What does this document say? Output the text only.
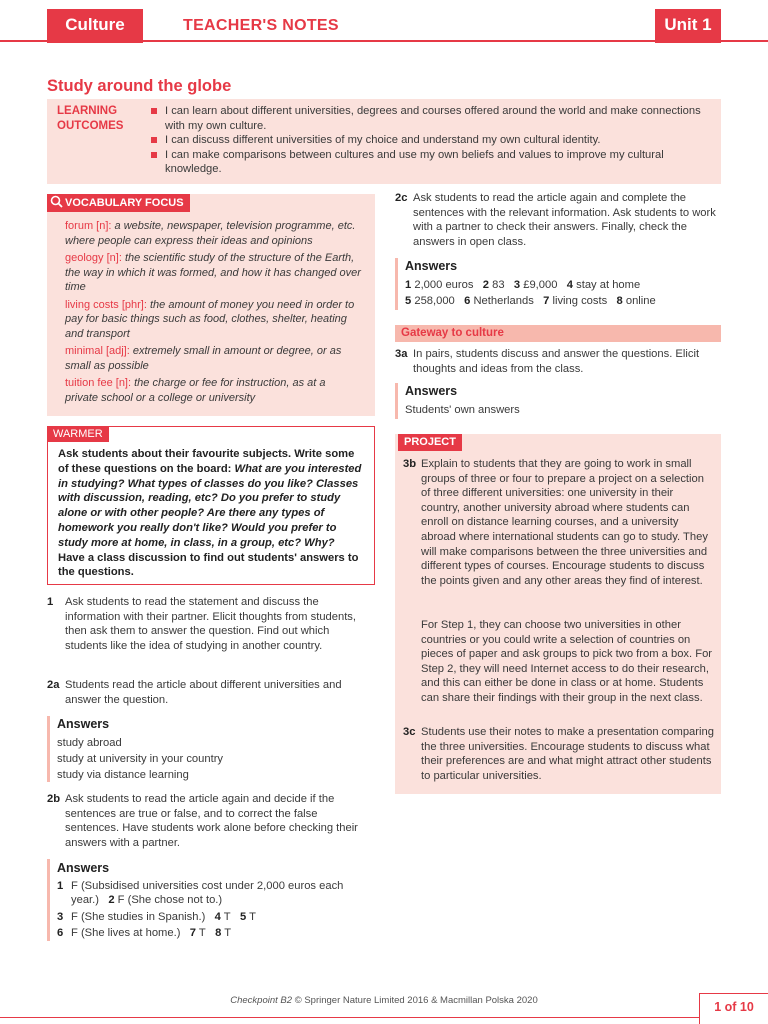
Culture	TEACHER'S NOTES	Unit 1
Study around the globe
LEARNING
OUTCOMES
I can learn about different universities, degrees and courses offered around the world and make connections with my own culture.
I can discuss different universities of my choice and understand my own cultural identity.
I can make comparisons between cultures and use my own beliefs and values to improve my cultural knowledge.
VOCABULARY FOCUS
forum [n]: a website, newspaper, television programme, etc. where people can express their ideas and opinions
geology [n]: the scientific study of the structure of the Earth, the way in which it was formed, and how it has changed over time
living costs [phr]: the amount of money you need in order to pay for basic things such as food, clothes, shelter, heating and transport
minimal [adj]: extremely small in amount or degree, or as small as possible
tuition fee [n]: the charge or fee for instruction, as at a private school or a college or university
WARMER
Ask students about their favourite subjects. Write some of these questions on the board: What are you interested in studying? What types of classes do you like? Classes with discussion, reading, etc? Do you prefer to study alone or with other people? Are there any types of homework you really don't like? Would you prefer to study more at home, in class, in a group, etc? Why? Have a class discussion to find out students' answers to the questions.
1 Ask students to read the statement and discuss the information with their partner. Elicit thoughts from students, then ask them to answer the question. Find out which students like the idea of studying in another country.
2a Students read the article about different universities and answer the question.
Answers
study abroad
study at university in your country
study via distance learning
2b Ask students to read the article again and decide if the sentences are true or false, and to correct the false sentences. Have students work alone before checking their answers with a partner.
Answers
1 F (Subsidised universities cost under 2,000 euros each year.) 2 F (She chose not to.)
3 F (She studies in Spanish.) 4 T 5 T
6 F (She lives at home.) 7 T 8 T
2c Ask students to read the article again and complete the sentences with the relevant information. Ask students to work with a partner to check their answers. Finally, check the answers in open class.
Answers
1 2,000 euros 2 83 3 £9,000 4 stay at home
5 258,000 6 Netherlands 7 living costs 8 online
Gateway to culture
3a In pairs, students discuss and answer the questions. Elicit thoughts and ideas from the class.
Answers
Students' own answers
PROJECT
3b Explain to students that they are going to work in small groups of three or four to prepare a project on a selection of three different universities: one university in their country, another university abroad where students can enroll on distance learning courses, and a university abroad where international students can go to study. They will make comparisons between the three universities and different types of courses. Encourage students to discuss the points given and any other areas they find of interest.
For Step 1, they can choose two universities in other countries or you could write a selection of countries on pieces of paper and ask groups to pick two from a box. For Step 2, they will need Internet access to do their research, and this can either be done in class or at home. Students can share their findings with their group in the next class.
3c Students use their notes to make a presentation comparing the three universities. Encourage students to discuss what their preferences are and what might attract other students to particular universities.
Checkpoint B2 © Springer Nature Limited 2016 & Macmillan Polska 2020	1 of 10
